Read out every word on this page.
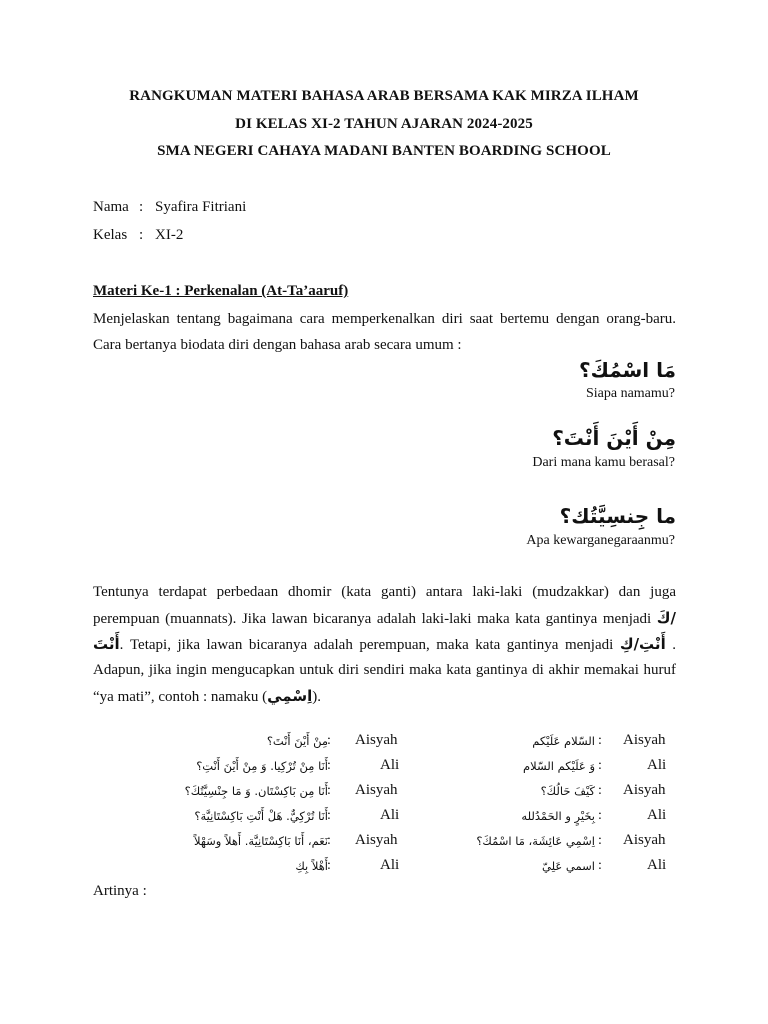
RANGKUMAN MATERI BAHASA ARAB BERSAMA KAK MIRZA ILHAM
DI KELAS XI-2 TAHUN AJARAN 2024-2025
SMA NEGERI CAHAYA MADANI BANTEN BOARDING SCHOOL
Nama : Syafira Fitriani
Kelas : XI-2
Materi Ke-1 : Perkenalan (At-Ta’aaruf)
Menjelaskan tentang bagaimana cara memperkenalkan diri saat bertemu dengan orang-baru.
Cara bertanya biodata diri dengan bahasa arab secara umum :
مَا اسْمُكَ؟
Siapa namamu?
مِنْ أَيْنَ أَنْتَ؟
Dari mana kamu berasal?
ما جِنسِيَّتُك؟
Apa kewarganegaraanmu?
Tentunya terdapat perbedaan dhomir (kata ganti) antara laki-laki (mudzakkar) dan juga
perempuan (muannats). Jika lawan bicaranya adalah laki-laki maka kata gantinya menjadi كَ/
أَنْتَ. Tetapi, jika lawan bicaranya adalah perempuan, maka kata gantinya menjadi أَنْتِ/كِ .
Adapun, jika ingin mengucapkan untuk diri sendiri maka kata gantinya di akhir memakai huruf
“ya mati”, contoh : namaku (اِسْمِي).
مِنْ أَيْنَ أَنْتَ؟ : Aisyah	السّلام عَلَيْكم : Aisyah
أَنَا مِنْ تُرْكِيا. وَ مِنْ أَيْنَ أَنْتِ؟ :	Ali	وَ عَلَيْكم السّلام :	Ali
أَنَا مِن بَاكِسْتَان. وَ مَا جِنْسِيَّتُكَ؟ : Aisyah	كَيْفَ حَالُكَ؟ : Aisyah
أَنَا تُرْكِيٌّ. هَلْ أَنْتِ بَاكِسْتَانِيَّة؟ :	Ali	بِخَيْرٍ و الحَمْدُلله :	Ali
نَعَم، أَنَا بَاكِسْتَانِيَّة. أَهلاً وسَهْلاً : Aisyah	اِسْمِي عَائِشَة، مَا اسْمُكَ؟ : Aisyah
أَهْلاً بِكِ :	Ali	اسمي عَلِيّ :	Ali
Artinya :
